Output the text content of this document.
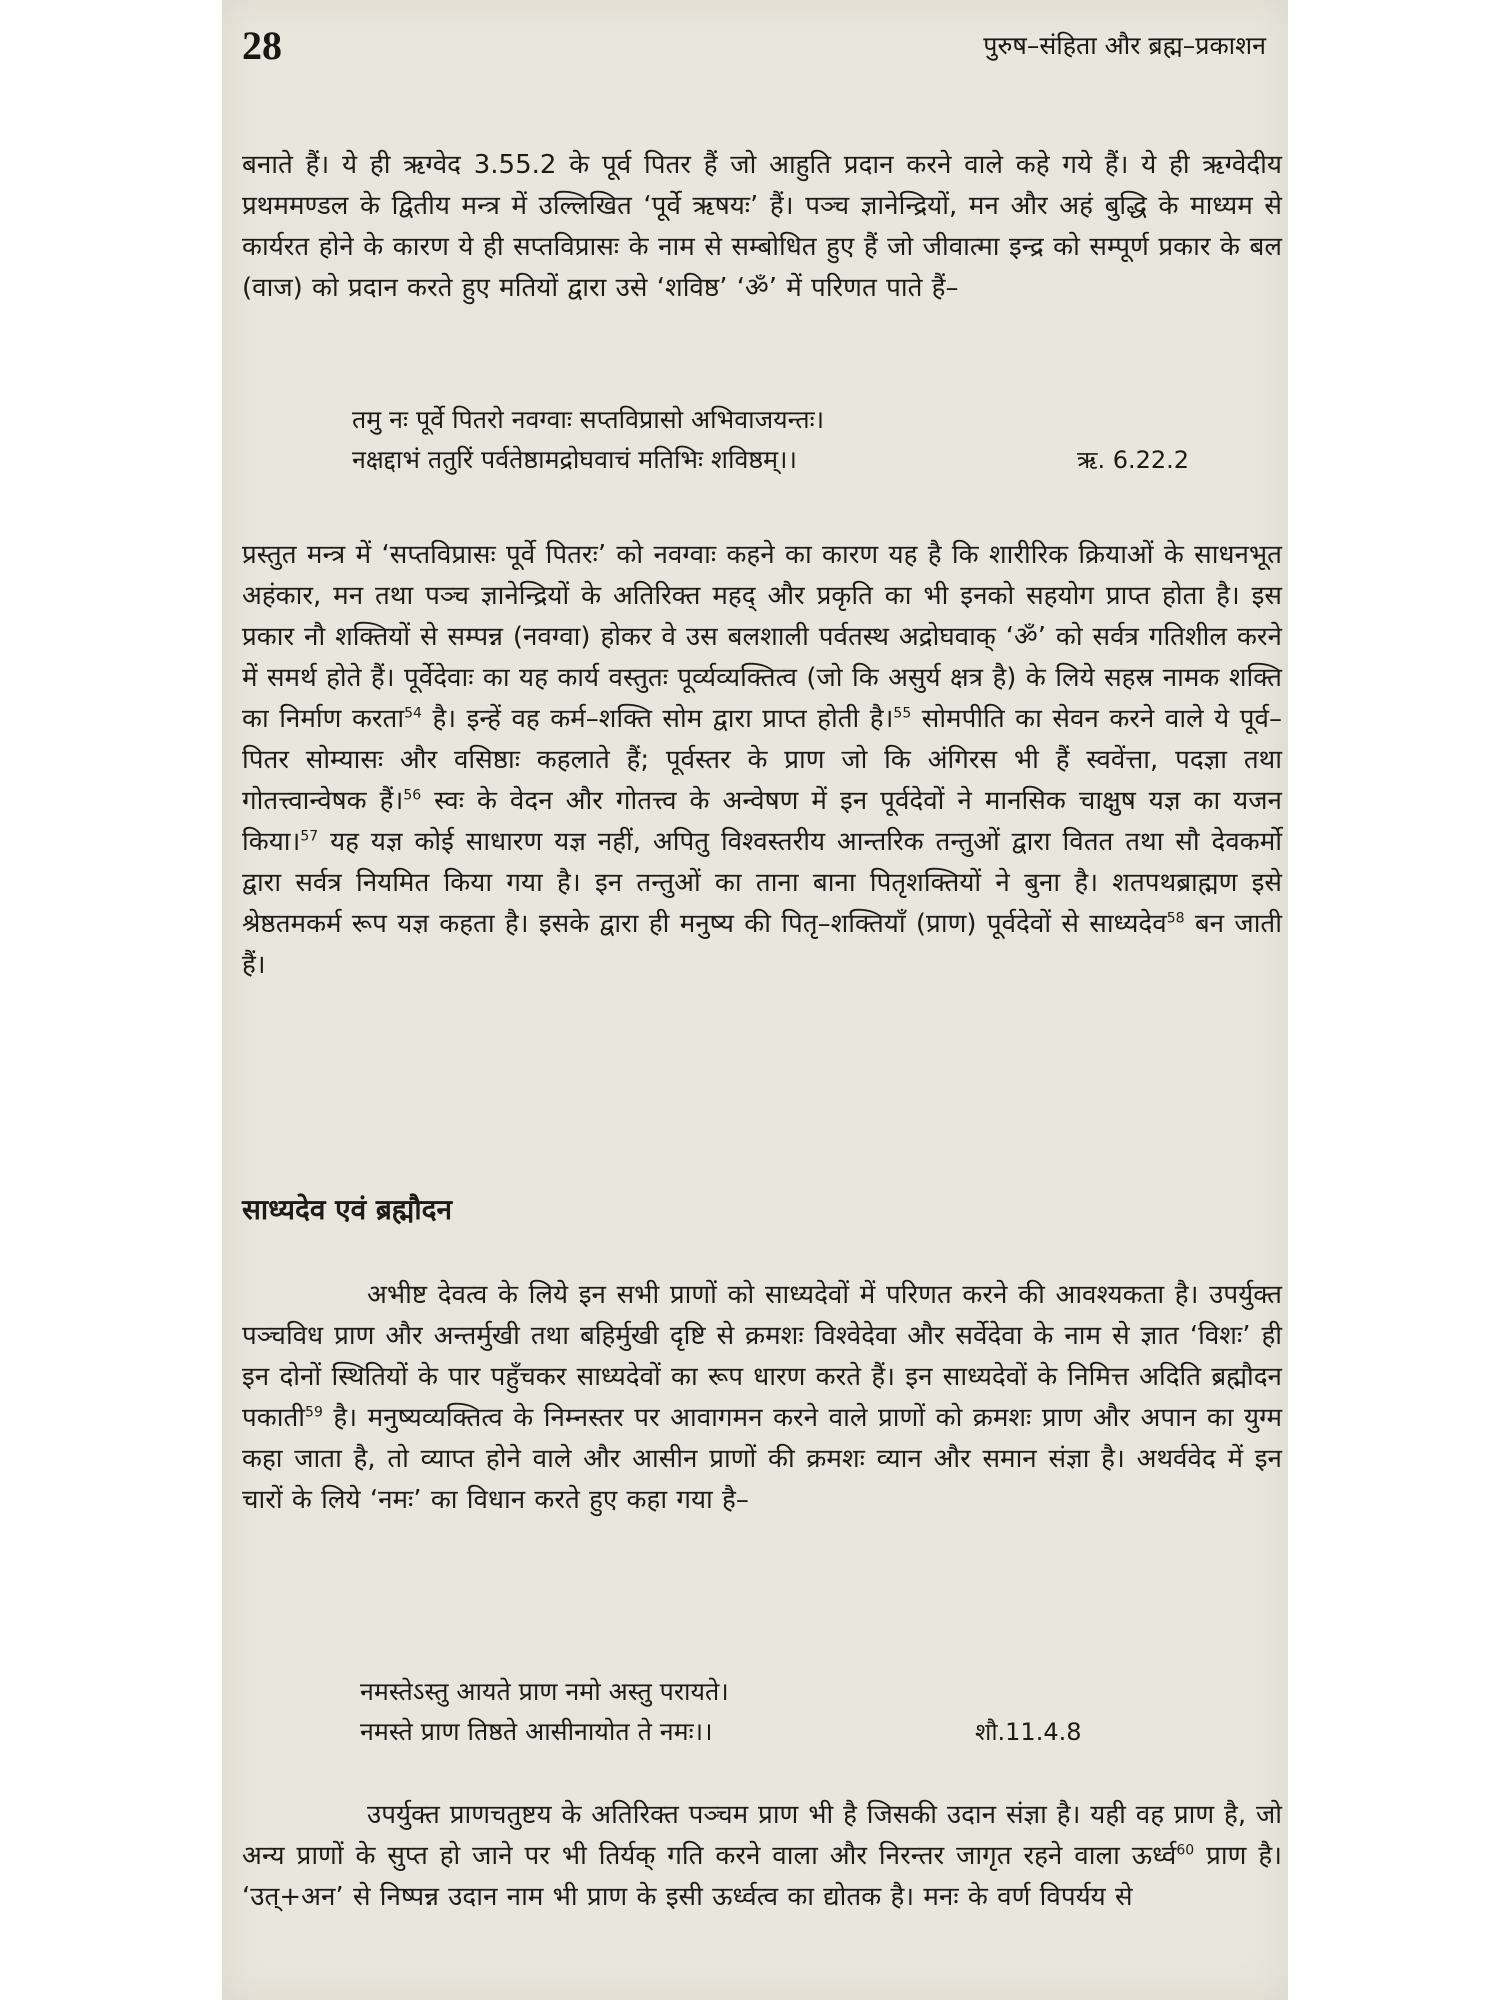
28	पुरुष–संहिता और ब्रह्म–प्रकाशन

बनाते हैं। ये ही ऋग्वेद 3.55.2 के पूर्व पितर हैं जो आहुति प्रदान करने वाले कहे गये हैं। ये ही ऋग्वेदीय प्रथममण्डल के द्वितीय मन्त्र में उल्लिखित ‘पूर्वे ऋषयः’ हैं। पञ्च ज्ञानेन्द्रियों, मन और अहं बुद्धि के माध्यम से कार्यरत होने के कारण ये ही सप्तविप्रासः के नाम से सम्बोधित हुए हैं जो जीवात्मा इन्द्र को सम्पूर्ण प्रकार के बल (वाज) को प्रदान करते हुए मतियों द्वारा उसे ‘शविष्ठ’ ‘ॐ’ में परिणत पाते हैं–

तमु नः पूर्वे पितरो नवग्वाः सप्तविप्रासो अभिवाजयन्तः।
नक्षद्दाभं ततुरिं पर्वतेष्ठामद्रोघवाचं मतिभिः शविष्ठम्।।	ऋ. 6.22.2

प्रस्तुत मन्त्र में ‘सप्तविप्रासः पूर्वे पितरः’ को नवग्वाः कहने का कारण यह है कि शारीरिक क्रियाओं के साधनभूत अहंकार, मन तथा पञ्च ज्ञानेन्द्रियों के अतिरिक्त महद् और प्रकृति का भी इनको सहयोग प्राप्त होता है। इस प्रकार नौ शक्तियों से सम्पन्न (नवग्वा) होकर वे उस बलशाली पर्वतस्थ अद्रोघवाक् ‘ॐ’ को सर्वत्र गतिशील करने में समर्थ होते हैं। पूर्वेदेवाः का यह कार्य वस्तुतः पूर्व्यव्यक्तित्व (जो कि असुर्य क्षत्र है) के लिये सहस्र नामक शक्ति का निर्माण करता$^{54}$ है। इन्हें वह कर्म–शक्ति सोम द्वारा प्राप्त होती है।$^{55}$ सोमपीति का सेवन करने वाले ये पूर्व–पितर सोम्यासः और वसिष्ठाः कहलाते हैं; पूर्वस्तर के प्राण जो कि अंगिरस भी हैं स्ववेंत्ता, पदज्ञा तथा गोतत्त्वान्वेषक हैं।$^{56}$ स्वः के वेदन और गोतत्त्व के अन्वेषण में इन पूर्वदेवों ने मानसिक चाक्षुष यज्ञ का यजन किया।$^{57}$ यह यज्ञ कोई साधारण यज्ञ नहीं, अपितु विश्वस्तरीय आन्तरिक तन्तुओं द्वारा वितत तथा सौ देवकर्मो द्वारा सर्वत्र नियमित किया गया है। इन तन्तुओं का ताना बाना पितृशक्तियों ने बुना है। शतपथब्राह्मण इसे श्रेष्ठतमकर्म रूप यज्ञ कहता है। इसके द्वारा ही मनुष्य की पितृ–शक्तियाँ (प्राण) पूर्वदेवों से साध्यदेव$^{58}$ बन जाती हैं।

साध्यदेव एवं ब्रह्मौदन

अभीष्ट देवत्व के लिये इन सभी प्राणों को साध्यदेवों में परिणत करने की आवश्यकता है। उपर्युक्त पञ्चविध प्राण और अन्तर्मुखी तथा बहिर्मुखी दृष्टि से क्रमशः विश्वेदेवा और सर्वेदेवा के नाम से ज्ञात ‘विशः’ ही इन दोनों स्थितियों के पार पहुँचकर साध्यदेवों का रूप धारण करते हैं। इन साध्यदेवों के निमित्त अदिति ब्रह्मौदन पकाती$^{59}$ है। मनुष्यव्यक्तित्व के निम्नस्तर पर आवागमन करने वाले प्राणों को क्रमशः प्राण और अपान का युग्म कहा जाता है, तो व्याप्त होने वाले और आसीन प्राणों की क्रमशः व्यान और समान संज्ञा है। अथर्ववेद में इन चारों के लिये ‘नमः’ का विधान करते हुए कहा गया है–

नमस्तेऽस्तु आयते प्राण नमो अस्तु परायते।
नमस्ते प्राण तिष्ठते आसीनायोत ते नमः।।	शौ.11.4.8

उपर्युक्त प्राणचतुष्टय के अतिरिक्त पञ्चम प्राण भी है जिसकी उदान संज्ञा है। यही वह प्राण है, जो अन्य प्राणों के सुप्त हो जाने पर भी तिर्यक् गति करने वाला और निरन्तर जागृत रहने वाला ऊर्ध्व$^{60}$ प्राण है। ‘उत्+अन’ से निष्पन्न उदान नाम भी प्राण के इसी ऊर्ध्वत्व का द्योतक है। मनः के वर्ण विपर्यय से
